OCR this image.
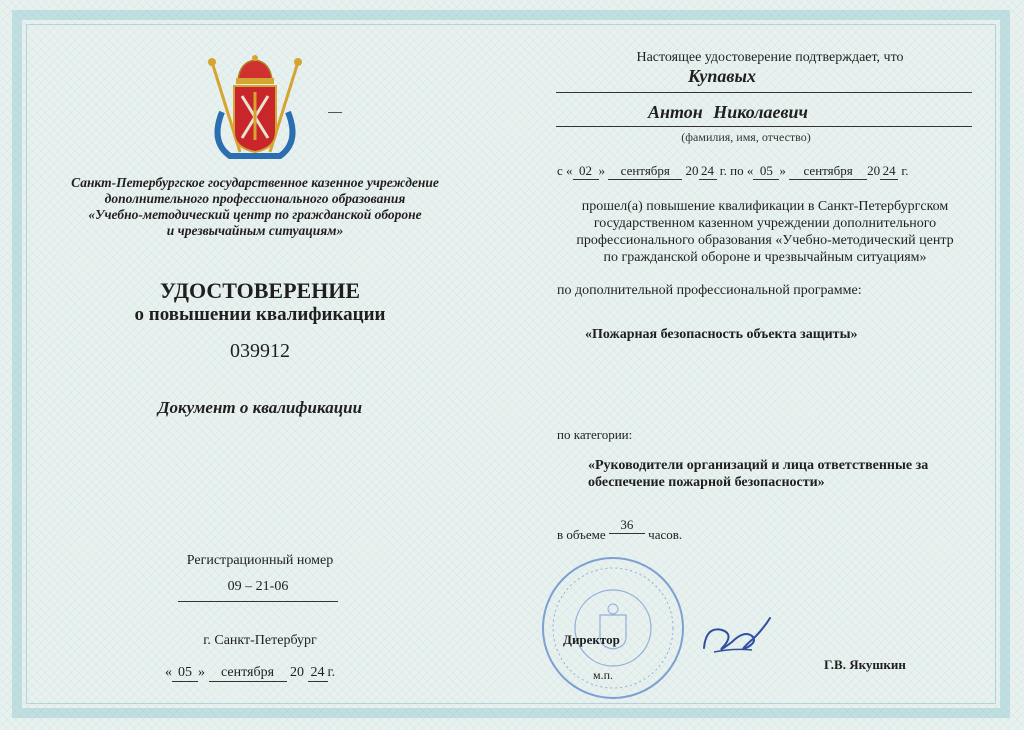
Санкт-Петербургское государственное казенное учреждение
дополнительного профессионального образования
«Учебно-методический центр по гражданской обороне
и чрезвычайным ситуациям»
УДОСТОВЕРЕНИЕ
о повышении квалификации
039912
Документ о квалификации
Регистрационный номер
09 – 21-06
г. Санкт-Петербург
« 05 » сентября 20 24 г.
Настоящее удостоверение подтверждает, что
Купавых
Антон Николаевич
(фамилия, имя, отчество)
с « 02 » сентября 20 24 г. по « 05 » сентября 20 24 г.
прошел(а) повышение квалификации в Санкт-Петербургском
государственном казенном учреждении дополнительного
профессионального образования «Учебно-методический центр
по гражданской обороне и чрезвычайным ситуациям»
по дополнительной профессиональной программе:
«Пожарная безопасность объекта защиты»
по категории:
«Руководители организаций и лица ответственные за
обеспечение пожарной безопасности»
в объеме 36 часов.
Директор
м.п.
Г.В. Якушкин
